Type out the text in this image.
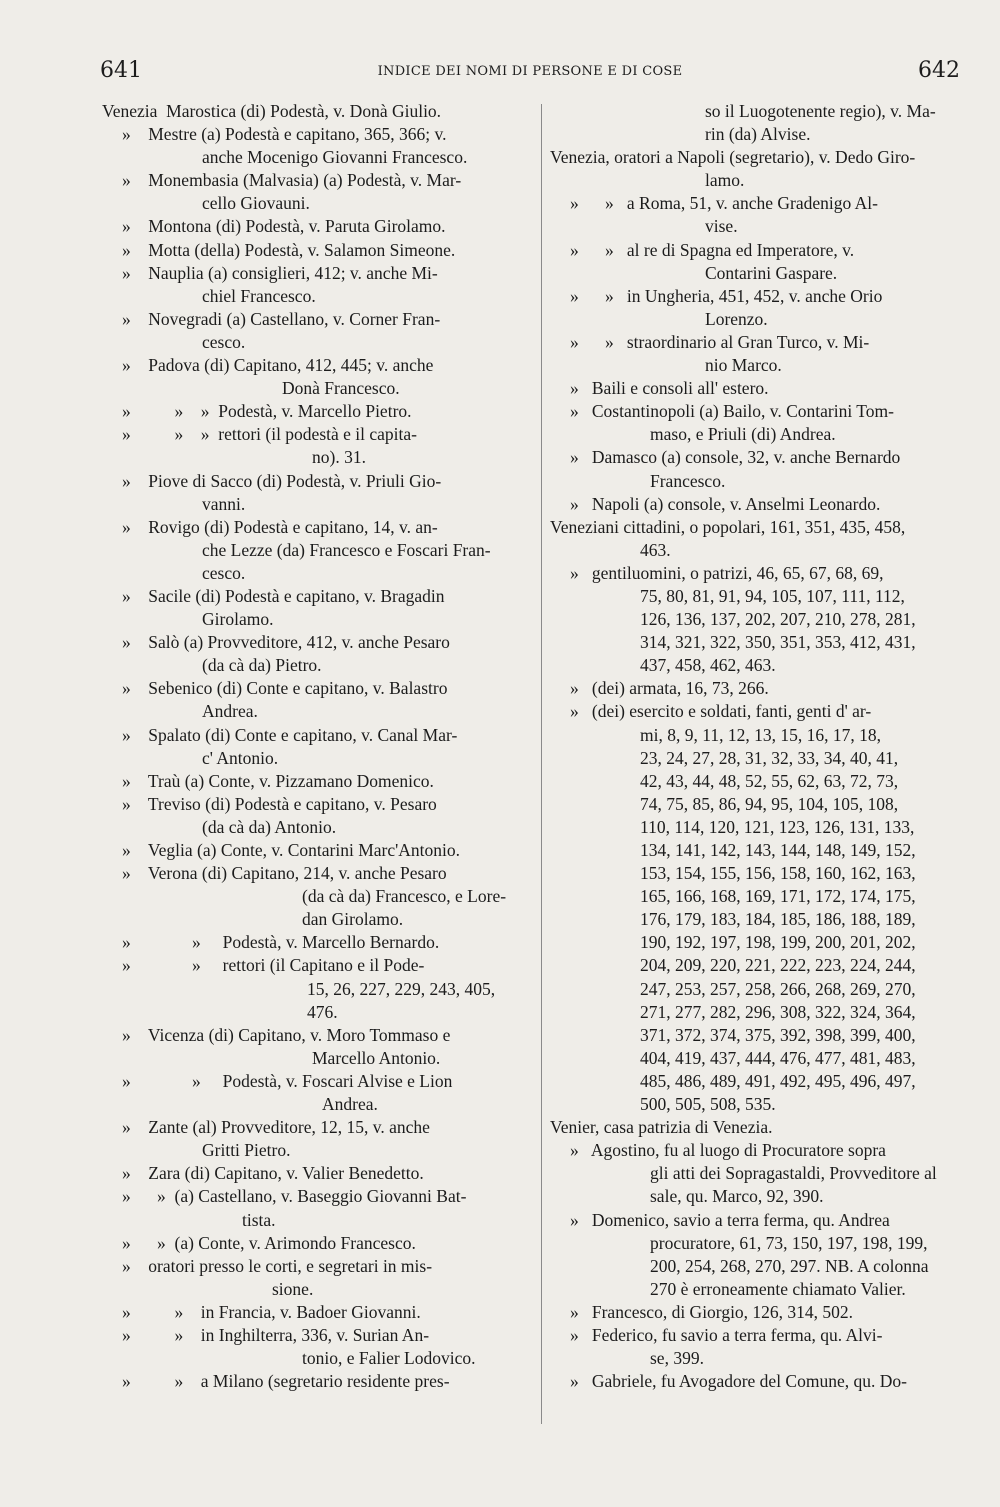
641	INDICE DEI NOMI DI PERSONE E DI COSE	642
Venezia  Marostica (di) Podestà, v. Donà Giulio.
»    Mestre (a) Podestà e capitano, 365, 366; v.
anche Mocenigo Giovanni Francesco.
»    Monembasia (Malvasia) (a) Podestà, v. Mar-
cello Giovauni.
»    Montona (di) Podestà, v. Paruta Girolamo.
»    Motta (della) Podestà, v. Salamon Simeone.
»    Nauplia (a) consiglieri, 412; v. anche Mi-
chiel Francesco.
»    Novegradi (a) Castellano, v. Corner Fran-
cesco.
»    Padova (di) Capitano, 412, 445; v. anche
Donà Francesco.
»          »    »  Podestà, v. Marcello Pietro.
»          »    »  rettori (il podestà e il capita-
no). 31.
»    Piove di Sacco (di) Podestà, v. Priuli Gio-
vanni.
»    Rovigo (di) Podestà e capitano, 14, v. an-
che Lezze (da) Francesco e Foscari Fran-
cesco.
»    Sacile (di) Podestà e capitano, v. Bragadin
Girolamo.
»    Salò (a) Provveditore, 412, v. anche Pesaro
(da cà da) Pietro.
»    Sebenico (di) Conte e capitano, v. Balastro
Andrea.
»    Spalato (di) Conte e capitano, v. Canal Mar-
c' Antonio.
»    Traù (a) Conte, v. Pizzamano Domenico.
»    Treviso (di) Podestà e capitano, v. Pesaro
(da cà da) Antonio.
»    Veglia (a) Conte, v. Contarini Marc'Antonio.
»    Verona (di) Capitano, 214, v. anche Pesaro
(da cà da) Francesco, e Lore-
dan Girolamo.
»              »     Podestà, v. Marcello Bernardo.
»              »     rettori (il Capitano e il Pode-
15, 26, 227, 229, 243, 405,
476.
»    Vicenza (di) Capitano, v. Moro Tommaso e
Marcello Antonio.
»              »     Podestà, v. Foscari Alvise e Lion
Andrea.
»    Zante (al) Provveditore, 12, 15, v. anche
Gritti Pietro.
»    Zara (di) Capitano, v. Valier Benedetto.
»      »  (a) Castellano, v. Baseggio Giovanni Bat-
tista.
»      »  (a) Conte, v. Arimondo Francesco.
»    oratori presso le corti, e segretari in mis-
sione.
»          »    in Francia, v. Badoer Giovanni.
»          »    in Inghilterra, 336, v. Surian An-
tonio, e Falier Lodovico.
»          »    a Milano (segretario residente pres-
so il Luogotenente regio), v. Ma-
rin (da) Alvise.
Venezia, oratori a Napoli (segretario), v. Dedo Giro-
lamo.
»      »   a Roma, 51, v. anche Gradenigo Al-
vise.
»      »   al re di Spagna ed Imperatore, v.
Contarini Gaspare.
»      »   in Ungheria, 451, 452, v. anche Orio
Lorenzo.
»      »   straordinario al Gran Turco, v. Mi-
nio Marco.
»   Baili e consoli all' estero.
»   Costantinopoli (a) Bailo, v. Contarini Tom-
maso, e Priuli (di) Andrea.
»   Damasco (a) console, 32, v. anche Bernardo
Francesco.
»   Napoli (a) console, v. Anselmi Leonardo.
Veneziani cittadini, o popolari, 161, 351, 435, 458,
463.
»   gentiluomini, o patrizi, 46, 65, 67, 68, 69,
75, 80, 81, 91, 94, 105, 107, 111, 112,
126, 136, 137, 202, 207, 210, 278, 281,
314, 321, 322, 350, 351, 353, 412, 431,
437, 458, 462, 463.
»   (dei) armata, 16, 73, 266.
»   (dei) esercito e soldati, fanti, genti d' ar-
mi, 8, 9, 11, 12, 13, 15, 16, 17, 18,
23, 24, 27, 28, 31, 32, 33, 34, 40, 41,
42, 43, 44, 48, 52, 55, 62, 63, 72, 73,
74, 75, 85, 86, 94, 95, 104, 105, 108,
110, 114, 120, 121, 123, 126, 131, 133,
134, 141, 142, 143, 144, 148, 149, 152,
153, 154, 155, 156, 158, 160, 162, 163,
165, 166, 168, 169, 171, 172, 174, 175,
176, 179, 183, 184, 185, 186, 188, 189,
190, 192, 197, 198, 199, 200, 201, 202,
204, 209, 220, 221, 222, 223, 224, 244,
247, 253, 257, 258, 266, 268, 269, 270,
271, 277, 282, 296, 308, 322, 324, 364,
371, 372, 374, 375, 392, 398, 399, 400,
404, 419, 437, 444, 476, 477, 481, 483,
485, 486, 489, 491, 492, 495, 496, 497,
500, 505, 508, 535.
Venier, casa patrizia di Venezia.
»   Agostino, fu al luogo di Procuratore sopra
gli atti dei Sopragastaldi, Provveditore al
sale, qu. Marco, 92, 390.
»   Domenico, savio a terra ferma, qu. Andrea
procuratore, 61, 73, 150, 197, 198, 199,
200, 254, 268, 270, 297. NB. A colonna
270 è erroneamente chiamato Valier.
»   Francesco, di Giorgio, 126, 314, 502.
»   Federico, fu savio a terra ferma, qu. Alvi-
se, 399.
»   Gabriele, fu Avogadore del Comune, qu. Do-
